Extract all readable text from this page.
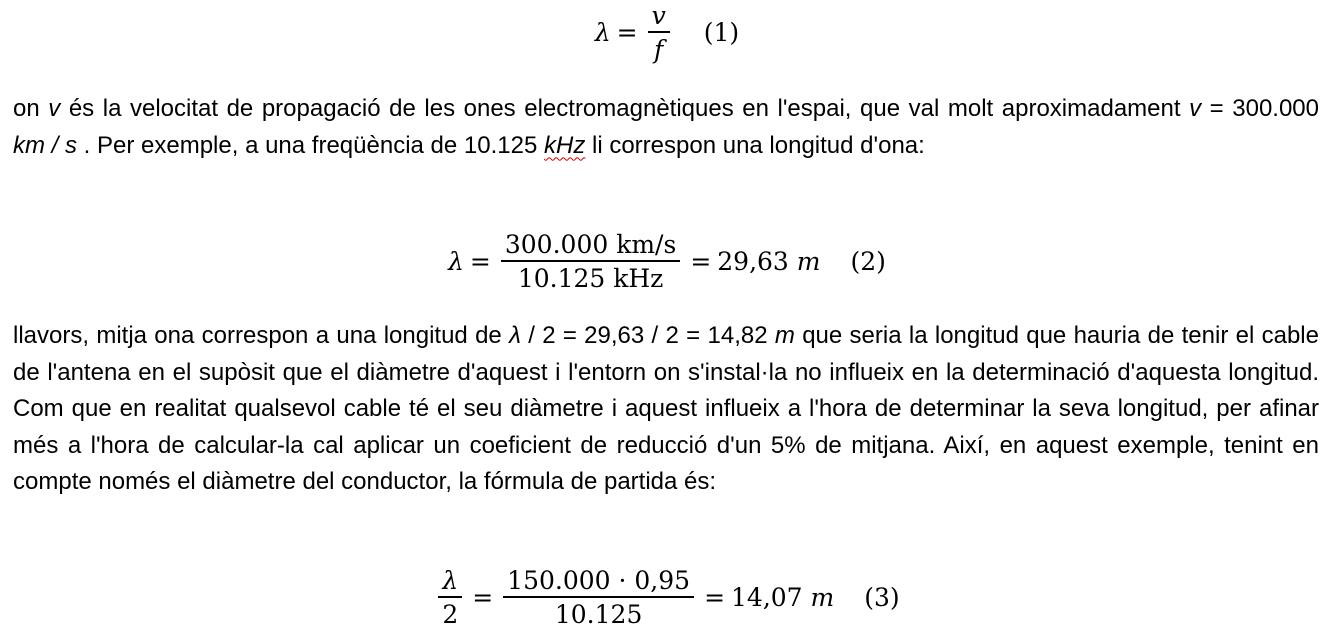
$\lambda = \frac{v}{f} (1)$

on v és la velocitat de propagació de les ones electromagnètiques en l'espai, que val molt aproximadament v = 300.000 km / s . Per exemple, a una freqüència de 10.125 kHz li correspon una longitud d'ona:

$\lambda = \frac{300.000 km/s}{\text{10.125 kHz}} = 29,63$
m (2)

llavors, mitja ona correspon a una longitud de λ / 2 = 29,63 / 2 = 14,82 m que seria la longitud que hauria de tenir el cable de l'antena en el supòsit que el diàmetre d'aquest i l'entorn on s'instal·la no influeix en la determinació d'aquesta longitud. Com que en realitat qualsevol cable té el seu diàmetre i aquest influeix a l'hora de determinar la seva longitud, per afinar més a l'hora de calcular-la cal aplicar un coeficient de reducció d'un 5% de mitjana. Així, en aquest exemple, tenint en compte només el diàmetre del conductor, la fórmula de partida és:

$\frac{\lambda}{2} = \frac{150.000 \cdot 0,95}{10.125} = 14,07$
m (3)
